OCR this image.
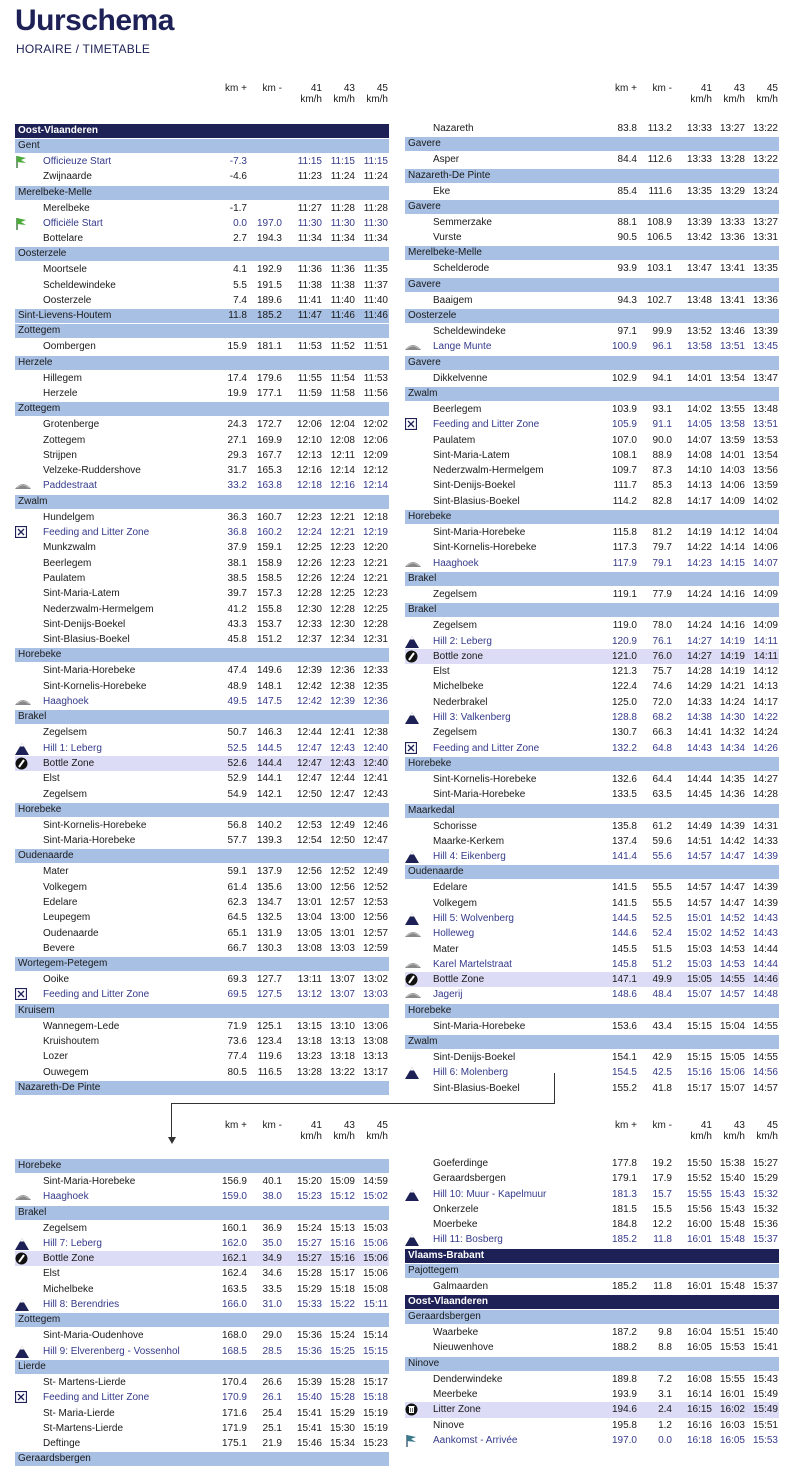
Uurschema
HORAIRE / TIMETABLE
km + km -	41
km/h
43
km/h
45
km/h
Oost-Vlaanderen
Gent
Officieuze Start	-7.3	11:15 11:15 11:15
Zwijnaarde	-4.6	11:23 11:24 11:24
Merelbeke-Melle
Merelbeke	-1.7	11:27 11:28 11:28
Officiële Start	0.0 197.0	11:30 11:30 11:30
Bottelare	2.7 194.3	11:34 11:34 11:34
Oosterzele
Moortsele	4.1 192.9	11:36 11:36 11:35
Scheldewindeke	5.5 191.5	11:38 11:38 11:37
Oosterzele	7.4 189.6	11:41 11:40 11:40
Sint-Lievens-Houtem	11.8 185.2	11:47 11:46 11:46
Zottegem
Oombergen	15.9 181.1	11:53 11:52 11:51
Herzele
Hillegem	17.4 179.6	11:55 11:54 11:53
Herzele	19.9 177.1	11:59 11:58 11:56
Zottegem
Grotenberge	24.3 172.7	12:06 12:04 12:02
Zottegem	27.1 169.9	12:10 12:08 12:06
Strijpen	29.3 167.7	12:13 12:11 12:09
Velzeke-Ruddershove	31.7 165.3	12:16 12:14 12:12
Paddestraat	33.2 163.8	12:18 12:16 12:14
Zwalm
Hundelgem	36.3 160.7	12:23 12:21 12:18
Feeding and Litter Zone	36.8 160.2	12:24 12:21 12:19
Munkzwalm	37.9 159.1	12:25 12:23 12:20
Beerlegem	38.1 158.9	12:26 12:23 12:21
Paulatem	38.5 158.5	12:26 12:24 12:21
Sint-Maria-Latem	39.7 157.3	12:28 12:25 12:23
Nederzwalm-Hermelgem	41.2 155.8	12:30 12:28 12:25
Sint-Denijs-Boekel	43.3 153.7	12:33 12:30 12:28
Sint-Blasius-Boekel	45.8 151.2	12:37 12:34 12:31
Horebeke
Sint-Maria-Horebeke	47.4 149.6	12:39 12:36 12:33
Sint-Kornelis-Horebeke	48.9 148.1	12:42 12:38 12:35
Haaghoek	49.5 147.5	12:42 12:39 12:36
Brakel
Zegelsem	50.7 146.3	12:44 12:41 12:38
Hill 1: Leberg	52.5 144.5	12:47 12:43 12:40
Bottle Zone	52.6 144.4	12:47 12:43 12:40
Elst	52.9 144.1	12:47 12:44 12:41
Zegelsem	54.9 142.1	12:50 12:47 12:43
Horebeke
Sint-Kornelis-Horebeke	56.8 140.2	12:53 12:49 12:46
Sint-Maria-Horebeke	57.7 139.3	12:54 12:50 12:47
Oudenaarde
Mater	59.1 137.9	12:56 12:52 12:49
Volkegem	61.4 135.6	13:00 12:56 12:52
Edelare	62.3 134.7	13:01 12:57 12:53
Leupegem	64.5 132.5	13:04 13:00 12:56
Oudenaarde	65.1 131.9	13:05 13:01 12:57
Bevere	66.7 130.3	13:08 13:03 12:59
Wortegem-Petegem
Ooike	69.3 127.7	13:11 13:07 13:02
Feeding and Litter Zone	69.5 127.5	13:12 13:07 13:03
Kruisem
Wannegem-Lede	71.9 125.1	13:15 13:10 13:06
Kruishoutem	73.6 123.4	13:18 13:13 13:08
Lozer	77.4	119.6	13:23 13:18 13:13
Ouwegem	80.5	116.5	13:28 13:22 13:17
Nazareth-De Pinte
km + km -	41
km/h
43
km/h
45
km/h
Nazareth	83.8	113.2	13:33 13:27 13:22
Gavere
Asper	84.4	112.6	13:33 13:28 13:22
Nazareth-De Pinte
Eke	85.4	111.6	13:35 13:29 13:24
Gavere
Semmerzake	88.1 108.9	13:39 13:33 13:27
Vurste	90.5 106.5	13:42 13:36 13:31
Merelbeke-Melle
Schelderode	93.9 103.1	13:47 13:41 13:35
Gavere
Baaigem	94.3 102.7	13:48 13:41 13:36
Oosterzele
Scheldewindeke	97.1	99.9	13:52 13:46 13:39
Lange Munte	100.9	96.1	13:58 13:51 13:45
Gavere
Dikkelvenne	102.9	94.1	14:01 13:54 13:47
Zwalm
Beerlegem	103.9	93.1	14:02 13:55 13:48
Feeding and Litter Zone	105.9	91.1	14:05 13:58 13:51
Paulatem	107.0	90.0	14:07 13:59 13:53
Sint-Maria-Latem	108.1	88.9	14:08 14:01 13:54
Nederzwalm-Hermelgem	109.7	87.3	14:10 14:03 13:56
Sint-Denijs-Boekel	111.7	85.3	14:13 14:06 13:59
Sint-Blasius-Boekel	114.2	82.8	14:17 14:09 14:02
Horebeke
Sint-Maria-Horebeke	115.8	81.2	14:19 14:12 14:04
Sint-Kornelis-Horebeke	117.3	79.7	14:22 14:14 14:06
Haaghoek	117.9	79.1	14:23 14:15 14:07
Brakel
Zegelsem	119.1	77.9	14:24 14:16 14:09
Brakel
Zegelsem	119.0	78.0	14:24 14:16 14:09
Hill 2: Leberg	120.9	76.1	14:27 14:19 14:11
Bottle zone	121.0	76.0	14:27 14:19 14:11
Elst	121.3	75.7	14:28 14:19 14:12
Michelbeke	122.4	74.6	14:29 14:21 14:13
Nederbrakel	125.0	72.0	14:33 14:24 14:17
Hill 3: Valkenberg	128.8	68.2	14:38 14:30 14:22
Zegelsem	130.7	66.3	14:41 14:32 14:24
Feeding and Litter Zone	132.2	64.8	14:43 14:34 14:26
Horebeke
Sint-Kornelis-Horebeke	132.6	64.4	14:44 14:35 14:27
Sint-Maria-Horebeke	133.5	63.5	14:45 14:36 14:28
Maarkedal
Schorisse	135.8	61.2	14:49 14:39 14:31
Maarke-Kerkem	137.4	59.6	14:51 14:42 14:33
Hill 4: Eikenberg	141.4	55.6	14:57 14:47 14:39
Oudenaarde
Edelare	141.5	55.5	14:57 14:47 14:39
Volkegem	141.5	55.5	14:57 14:47 14:39
Hill 5: Wolvenberg	144.5	52.5	15:01 14:52 14:43
Holleweg	144.6	52.4	15:02 14:52 14:43
Mater	145.5	51.5	15:03 14:53 14:44
Karel Martelstraat	145.8	51.2	15:03 14:53 14:44
Bottle Zone	147.1	49.9	15:05 14:55 14:46
Jagerij	148.6	48.4	15:07 14:57 14:48
Horebeke
Sint-Maria-Horebeke	153.6	43.4	15:15 15:04 14:55
Zwalm
Sint-Denijs-Boekel	154.1	42.9	15:15 15:05 14:55
Hill 6: Molenberg	154.5	42.5	15:16 15:06 14:56
Sint-Blasius-Boekel	155.2	41.8	15:17 15:07 14:57
km + km -	41
km/h
43
km/h
45
km/h
Horebeke
Sint-Maria-Horebeke	156.9	40.1	15:20 15:09 14:59
Haaghoek	159.0	38.0	15:23 15:12 15:02
Brakel
Zegelsem	160.1	36.9	15:24 15:13 15:03
Hill 7: Leberg	162.0	35.0	15:27 15:16 15:06
Bottle Zone	162.1	34.9	15:27 15:16 15:06
Elst	162.4	34.6	15:28 15:17 15:06
Michelbeke	163.5	33.5	15:29 15:18 15:08
Hill 8: Berendries	166.0	31.0	15:33 15:22 15:11
Zottegem
Sint-Maria-Oudenhove	168.0	29.0	15:36 15:24 15:14
Hill 9: Elverenberg - Vossenhol	168.5	28.5	15:36 15:25 15:15
Lierde
St- Martens-Lierde	170.4	26.6	15:39 15:28 15:17
Feeding and Litter Zone	170.9	26.1	15:40 15:28 15:18
St- Maria-Lierde	171.6	25.4	15:41 15:29 15:19
St-Martens-Lierde	171.9	25.1	15:41 15:30 15:19
Deftinge	175.1	21.9	15:46 15:34 15:23
Geraardsbergen
km + km -	41
km/h
43
km/h
45
km/h
Goeferdinge	177.8	19.2	15:50 15:38 15:27
Geraardsbergen	179.1	17.9	15:52 15:40 15:29
Hill 10: Muur - Kapelmuur	181.3	15.7	15:55 15:43 15:32
Onkerzele	181.5	15.5	15:56 15:43 15:32
Moerbeke	184.8	12.2	16:00 15:48 15:36
Hill 11: Bosberg	185.2	11.8	16:01 15:48 15:37
Vlaams-Brabant
Pajottegem
Galmaarden	185.2	11.8	16:01 15:48 15:37
Oost-Vlaanderen
Geraardsbergen
Waarbeke	187.2	9.8	16:04 15:51 15:40
Nieuwenhove	188.2	8.8	16:05 15:53 15:41
Ninove
Denderwindeke	189.8	7.2	16:08 15:55 15:43
Meerbeke	193.9	3.1	16:14 16:01 15:49
Litter Zone	194.6	2.4	16:15 16:02 15:49
Ninove	195.8	1.2	16:16 16:03 15:51
Aankomst - Arrivée	197.0	0.0	16:18 16:05 15:53
